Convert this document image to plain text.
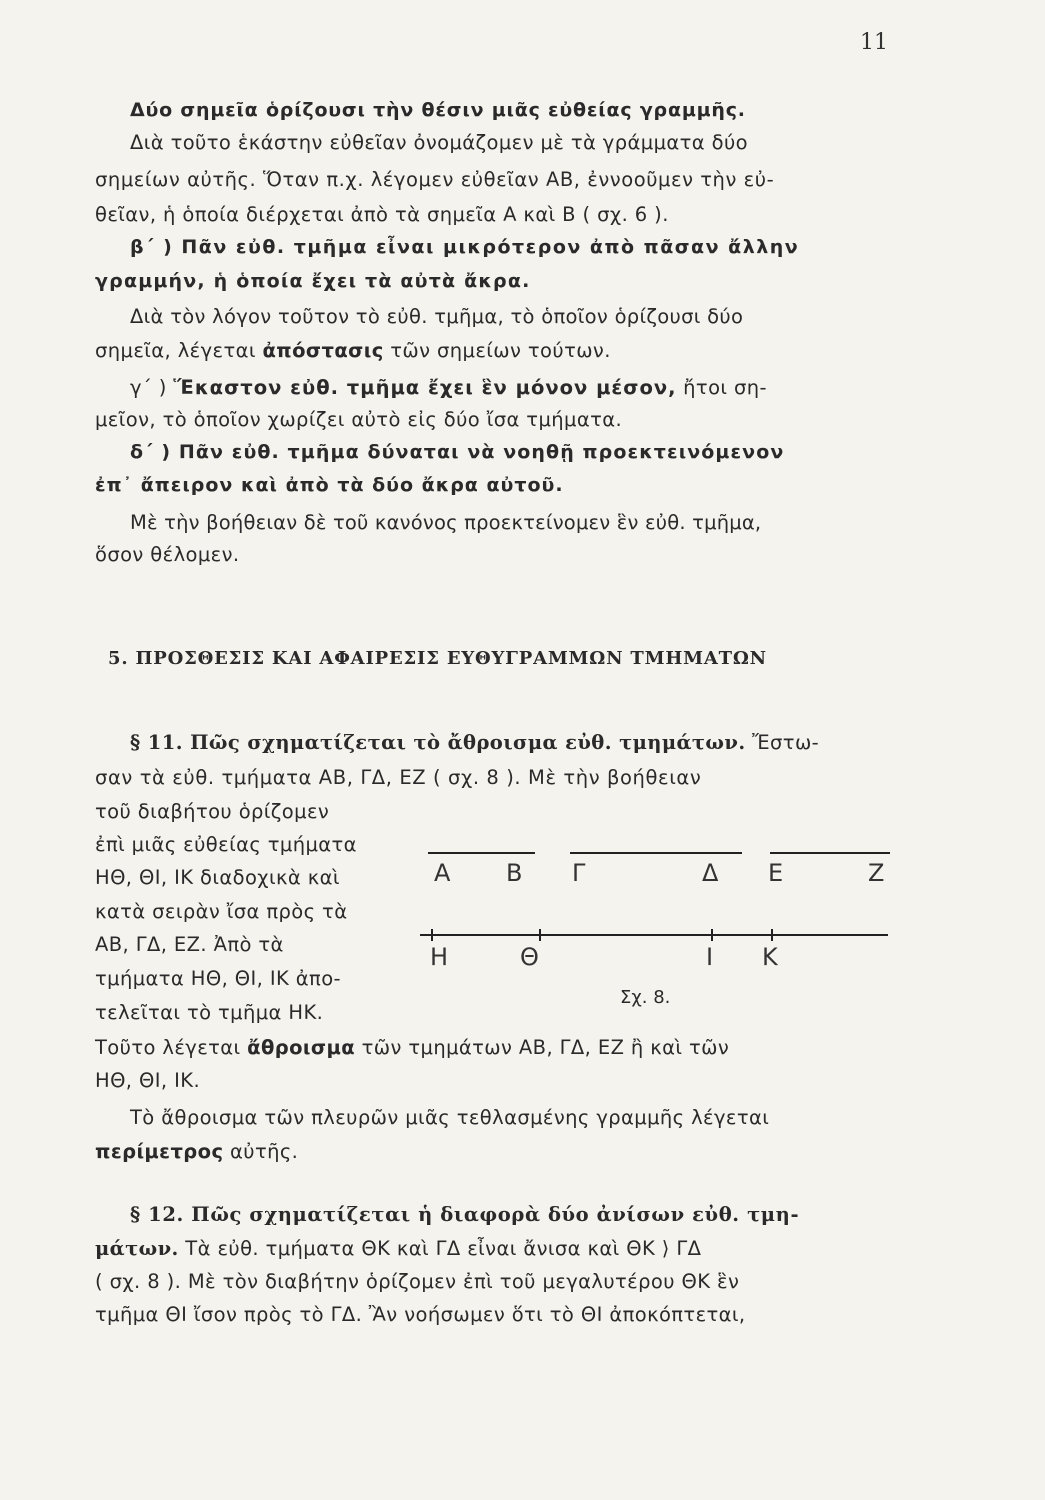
11
Δύο σημεῖα ὁρίζουσι τὴν θέσιν μιᾶς εὐθείας γραμμῆς.
Διὰ τοῦτο ἑκάστην εὐθεῖαν ὀνομάζομεν μὲ τὰ γράμματα δύο
σημείων αὐτῆς. Ὅταν π.χ. λέγομεν εὐθεῖαν ΑΒ, ἐννοοῦμεν τὴν εὐ-
θεῖαν, ἡ ὁποία διέρχεται ἀπὸ τὰ σημεῖα Α καὶ Β ( σχ. 6 ).
β΄ ) Πᾶν εὐθ. τμῆμα εἶναι μικρότερον ἀπὸ πᾶσαν ἄλλην
γραμμήν, ἡ ὁποία ἔχει τὰ αὐτὰ ἄκρα.
Διὰ τὸν λόγον τοῦτον τὸ εὐθ. τμῆμα, τὸ ὁποῖον ὁρίζουσι δύο
σημεῖα, λέγεται ἀπόστασις τῶν σημείων τούτων.
γ΄ ) Ἕκαστον εὐθ. τμῆμα ἔχει ἓν μόνον μέσον, ἤτοι ση-
μεῖον, τὸ ὁποῖον χωρίζει αὐτὸ εἰς δύο ἴσα τμήματα.
δ΄ ) Πᾶν εὐθ. τμῆμα δύναται νὰ νοηθῇ προεκτεινόμενον
ἐπ᾽ ἄπειρον καὶ ἀπὸ τὰ δύο ἄκρα αὐτοῦ.
Μὲ τὴν βοήθειαν δὲ τοῦ κανόνος προεκτείνομεν ἓν εὐθ. τμῆμα,
ὅσον θέλομεν.
5. ΠΡΟΣΘΕΣΙΣ ΚΑΙ ΑΦΑΙΡΕΣΙΣ ΕΥΘΥΓΡΑΜΜΩΝ ΤΜΗΜΑΤΩΝ
§ 11. Πῶς σχηματίζεται τὸ ἄθροισμα εὐθ. τμημάτων. Ἔστω-
σαν τὰ εὐθ. τμήματα ΑΒ, ΓΔ, ΕΖ ( σχ. 8 ). Μὲ τὴν βοήθειαν
τοῦ διαβήτου ὁρίζομεν
ἐπὶ μιᾶς εὐθείας τμήματα
ΗΘ, ΘΙ, ΙΚ διαδοχικὰ καὶ
κατὰ σειρὰν ἴσα πρὸς τὰ
ΑΒ, ΓΔ, ΕΖ. Ἀπὸ τὰ
τμήματα ΗΘ, ΘΙ, ΙΚ ἀπο-
τελεῖται τὸ τμῆμα ΗΚ.
Α Β Γ	Δ Ε	Ζ
Η	Θ	Ι Κ
Σχ. 8.
Τοῦτο λέγεται ἄθροισμα τῶν τμημάτων ΑΒ, ΓΔ, ΕΖ ἢ καὶ τῶν
ΗΘ, ΘΙ, ΙΚ.
Τὸ ἄθροισμα τῶν πλευρῶν μιᾶς τεθλασμένης γραμμῆς λέγεται
περίμετρος αὐτῆς.
§ 12. Πῶς σχηματίζεται ἡ διαφορὰ δύο ἀνίσων εὐθ. τμη-
μάτων. Τὰ εὐθ. τμήματα ΘΚ καὶ ΓΔ εἶναι ἄνισα καὶ ΘΚ ⟩ ΓΔ
( σχ. 8 ). Μὲ τὸν διαβήτην ὁρίζομεν ἐπὶ τοῦ μεγαλυτέρου ΘΚ ἓν
τμῆμα ΘΙ ἴσον πρὸς τὸ ΓΔ. Ἂν νοήσωμεν ὅτι τὸ ΘΙ ἀποκόπτεται,
